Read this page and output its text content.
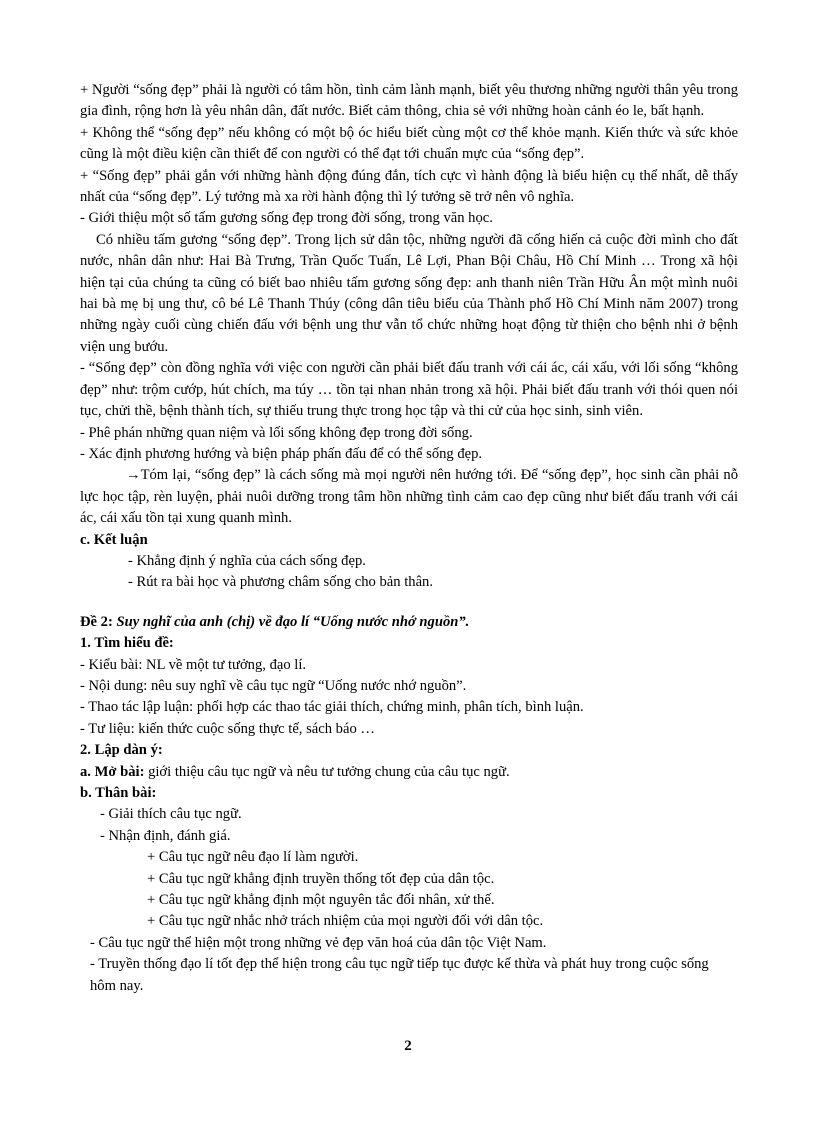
+ Người “sống đẹp” phải là người có tâm hồn, tình cảm lành mạnh, biết yêu thương những người thân yêu trong gia đình, rộng hơn là yêu nhân dân, đất nước. Biết cảm thông, chia sẻ với những hoàn cảnh éo le, bất hạnh.

+ Không thể “sống đẹp” nếu không có một bộ óc hiểu biết cùng một cơ thể khỏe mạnh. Kiến thức và sức khỏe cũng là một điều kiện cần thiết để con người có thể đạt tới chuẩn mực của “sống đẹp”.

+ “Sống đẹp” phải gắn với những hành động đúng đắn, tích cực vì hành động là biểu hiện cụ thể nhất, dễ thấy nhất của “sống đẹp”. Lý tưởng mà xa rời hành động thì lý tưởng sẽ trở nên vô nghĩa.

- Giới thiệu một số tấm gương sống đẹp trong đời sống, trong văn học.

Có nhiều tấm gương “sống đẹp”. Trong lịch sử dân tộc, những người đã cống hiến cả cuộc đời mình cho đất nước, nhân dân như: Hai Bà Trưng, Trần Quốc Tuấn, Lê Lợi, Phan Bội Châu, Hồ Chí Minh … Trong xã hội hiện tại của chúng ta cũng có biết bao nhiêu tấm gương sống đẹp: anh thanh niên Trần Hữu Ân một mình nuôi hai bà mẹ bị ung thư, cô bé Lê Thanh Thúy (công dân tiêu biểu của Thành phố Hồ Chí Minh năm 2007) trong những ngày cuối cùng chiến đấu với bệnh ung thư vẫn tổ chức những hoạt động từ thiện cho bệnh nhi ở bệnh viện ung bướu.

- “Sống đẹp” còn đồng nghĩa với việc con người cần phải biết đấu tranh với cái ác, cái xấu, với lối sống “không đẹp” như: trộm cướp, hút chích, ma túy … tồn tại nhan nhản trong xã hội. Phải biết đấu tranh với thói quen nói tục, chửi thề, bệnh thành tích, sự thiếu trung thực trong học tập và thi cử của học sinh, sinh viên.

- Phê phán những quan niệm và lối sống không đẹp trong đời sống.

- Xác định phương hướng và biện pháp phấn đấu để có thể sống đẹp.

→Tóm lại, “sống đẹp” là cách sống mà mọi người nên hướng tới. Để “sống đẹp”, học sinh cần phải nỗ lực học tập, rèn luyện, phải nuôi dưỡng trong tâm hồn những tình cảm cao đẹp cũng như biết đấu tranh với cái ác, cái xấu tồn tại xung quanh mình.

c. Kết luận

- Khẳng định ý nghĩa của cách sống đẹp.

- Rút ra bài học và phương châm sống cho bản thân.

Đề 2: Suy nghĩ của anh (chị) về đạo lí “Uống nước nhớ nguồn”.

1. Tìm hiểu đề:

- Kiểu bài: NL về một tư tưởng, đạo lí.

- Nội dung: nêu suy nghĩ về câu tục ngữ “Uống nước nhớ nguồn”.

- Thao tác lập luận: phối hợp các thao tác giải thích, chứng minh, phân tích, bình luận.

- Tư liệu: kiến thức cuộc sống thực tế, sách báo …

2. Lập dàn ý:

a. Mở bài: giới thiệu câu tục ngữ và nêu tư tưởng chung của câu tục ngữ.

b. Thân bài:

- Giải thích câu tục ngữ.

- Nhận định, đánh giá.

+ Câu tục ngữ nêu đạo lí làm người.

+ Câu tục ngữ khẳng định truyền thống tốt đẹp của dân tộc.

+ Câu tục ngữ khẳng định một nguyên tắc đối nhân, xử thế.

+ Câu tục ngữ nhắc nhở trách nhiệm của mọi người đối với dân tộc.

- Câu tục ngữ thể hiện một trong những vẻ đẹp văn hoá của dân tộc Việt Nam.

- Truyền thống đạo lí tốt đẹp thể hiện trong câu tục ngữ tiếp tục được kế thừa và phát huy trong cuộc sống hôm nay.

2
